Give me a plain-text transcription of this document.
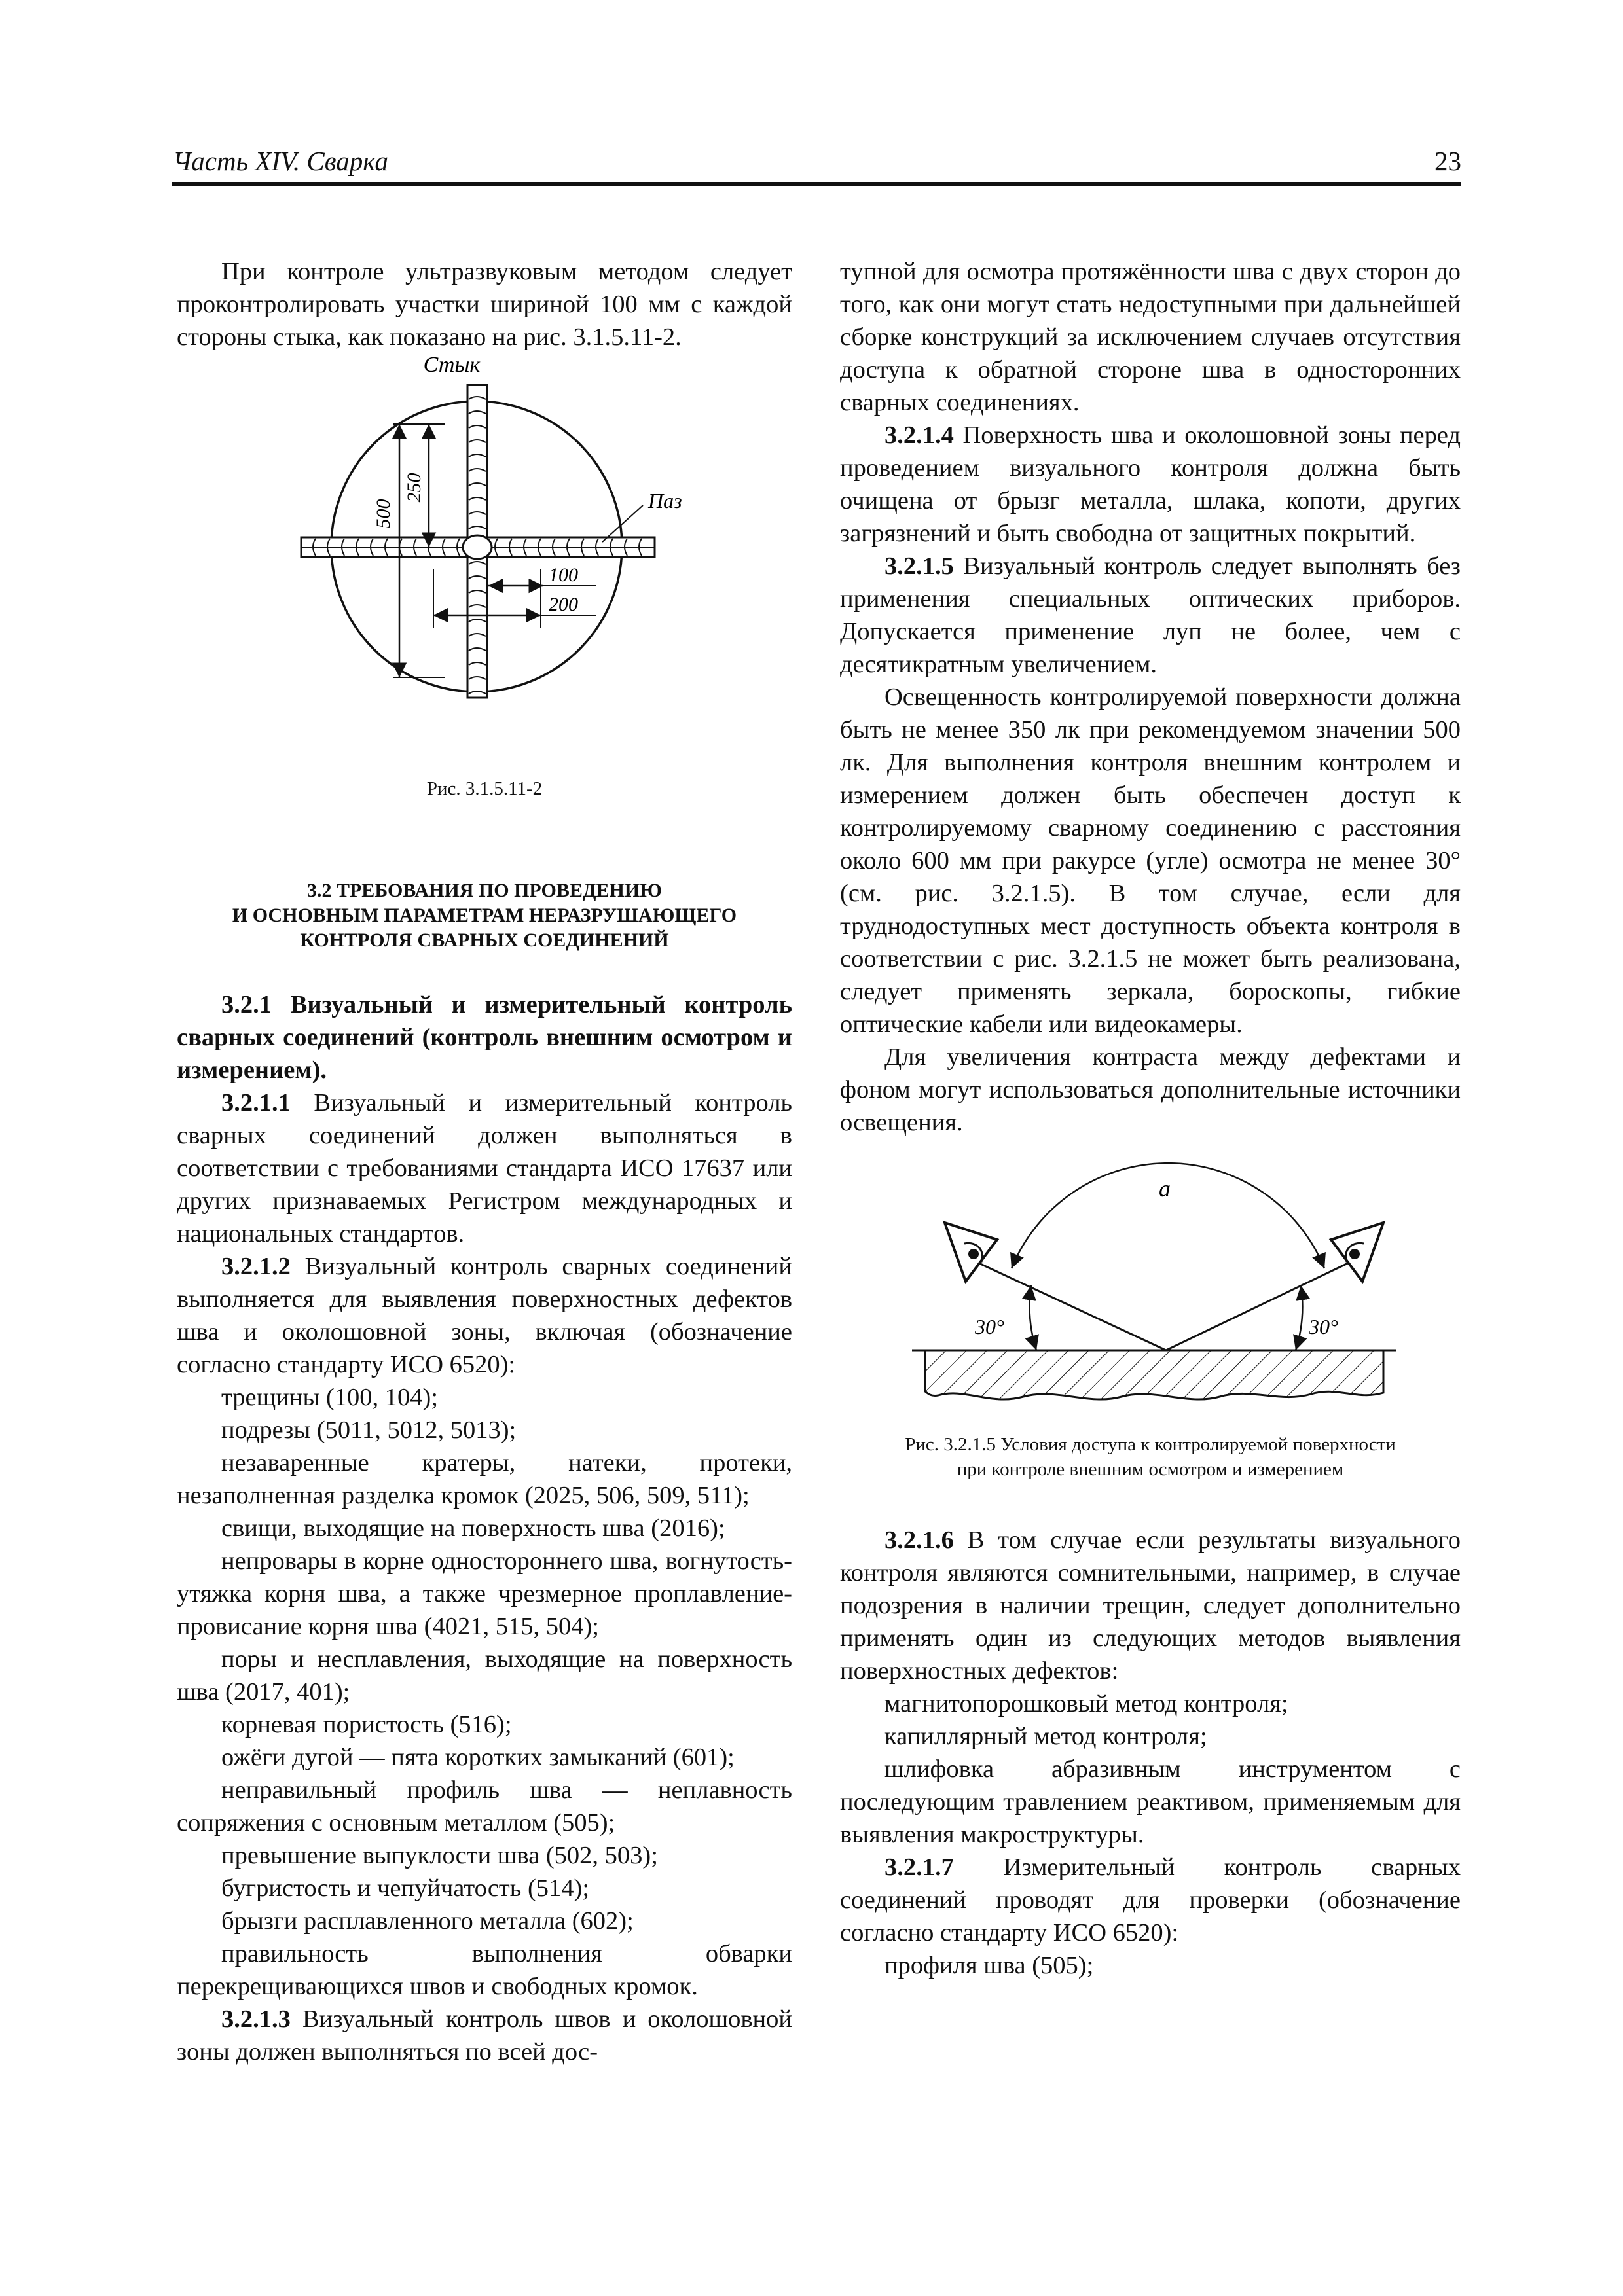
Часть XIV. Сварка	23

При контроле ультразвуковым методом следует проконтролировать участки шириной 100 мм с каждой стороны стыка, как показано на рис. 3.1.5.11-2.

Стык
Паз
500
250
100
200

Рис. 3.1.5.11-2

3.2 ТРЕБОВАНИЯ ПО ПРОВЕДЕНИЮ

И ОСНОВНЫМ ПАРАМЕТРАМ НЕРАЗРУШАЮЩЕГО

КОНТРОЛЯ СВАРНЫХ СОЕДИНЕНИЙ

3.2.1 Визуальный и измерительный контроль сварных соединений (контроль внешним осмотром и измерением).

3.2.1.1 Визуальный и измерительный контроль сварных соединений должен выполняться в соответствии с требованиями стандарта ИСО 17637 или других признаваемых Регистром международных и национальных стандартов.

3.2.1.2 Визуальный контроль сварных соединений выполняется для выявления поверхностных дефектов шва и околошовной зоны, включая (обозначение согласно стандарту ИСО 6520):

трещины (100, 104);

подрезы (5011, 5012, 5013);

незаваренные кратеры, натеки, протеки, незаполненная разделка кромок (2025, 506, 509, 511);

свищи, выходящие на поверхность шва (2016);

непровары в корне одностороннего шва, вогнутость-утяжка корня шва, а также чрезмерное проплавление-провисание корня шва (4021, 515, 504);

поры и несплавления, выходящие на поверхность шва (2017, 401);

корневая пористость (516);

ожёги дугой — пята коротких замыканий (601);

неправильный профиль шва — неплавность сопряжения с основным металлом (505);

превышение выпуклости шва (502, 503);

бугристость и чепуйчатость (514);

брызги расплавленного металла (602);

правильность выполнения обварки перекрещивающихся швов и свободных кромок.

3.2.1.3 Визуальный контроль швов и околошовной зоны должен выполняться по всей дос-

тупной для осмотра протяжённости шва с двух сторон до того, как они могут стать недоступными при дальнейшей сборке конструкций за исключением случаев отсутствия доступа к обратной стороне шва в односторонних сварных соединениях.

3.2.1.4 Поверхность шва и околошовной зоны перед проведением визуального контроля должна быть очищена от брызг металла, шлака, копоти, других загрязнений и быть свободна от защитных покрытий.

3.2.1.5 Визуальный контроль следует выполнять без применения специальных оптических приборов. Допускается применение луп не более, чем с десятикратным увеличением.

Освещенность контролируемой поверхности должна быть не менее 350 лк при рекомендуемом значении 500 лк. Для выполнения контроля внешним контролем и измерением должен быть обеспечен доступ к контролируемому сварному соединению с расстояния около 600 мм при ракурсе (угле) осмотра не менее 30° (см. рис. 3.2.1.5). В том случае, если для труднодоступных мест доступность объекта контроля в соответствии с рис. 3.2.1.5 не может быть реализована, следует применять зеркала, бороскопы, гибкие оптические кабели или видеокамеры.

Для увеличения контраста между дефектами и фоном могут использоваться дополнительные источники освещения.

a
30°	30°

Рис. 3.2.1.5 Условия доступа к контролируемой поверхности

при контроле внешним осмотром и измерением

3.2.1.6 В том случае если результаты визуального контроля являются сомнительными, например, в случае подозрения в наличии трещин, следует дополнительно применять один из следующих методов выявления поверхностных дефектов:

магнитопорошковый метод контроля;

капиллярный метод контроля;

шлифовка абразивным инструментом с последующим травлением реактивом, применяемым для выявления макроструктуры.

3.2.1.7 Измерительный контроль сварных соединений проводят для проверки (обозначение согласно стандарту ИСО 6520):

профиля шва (505);
